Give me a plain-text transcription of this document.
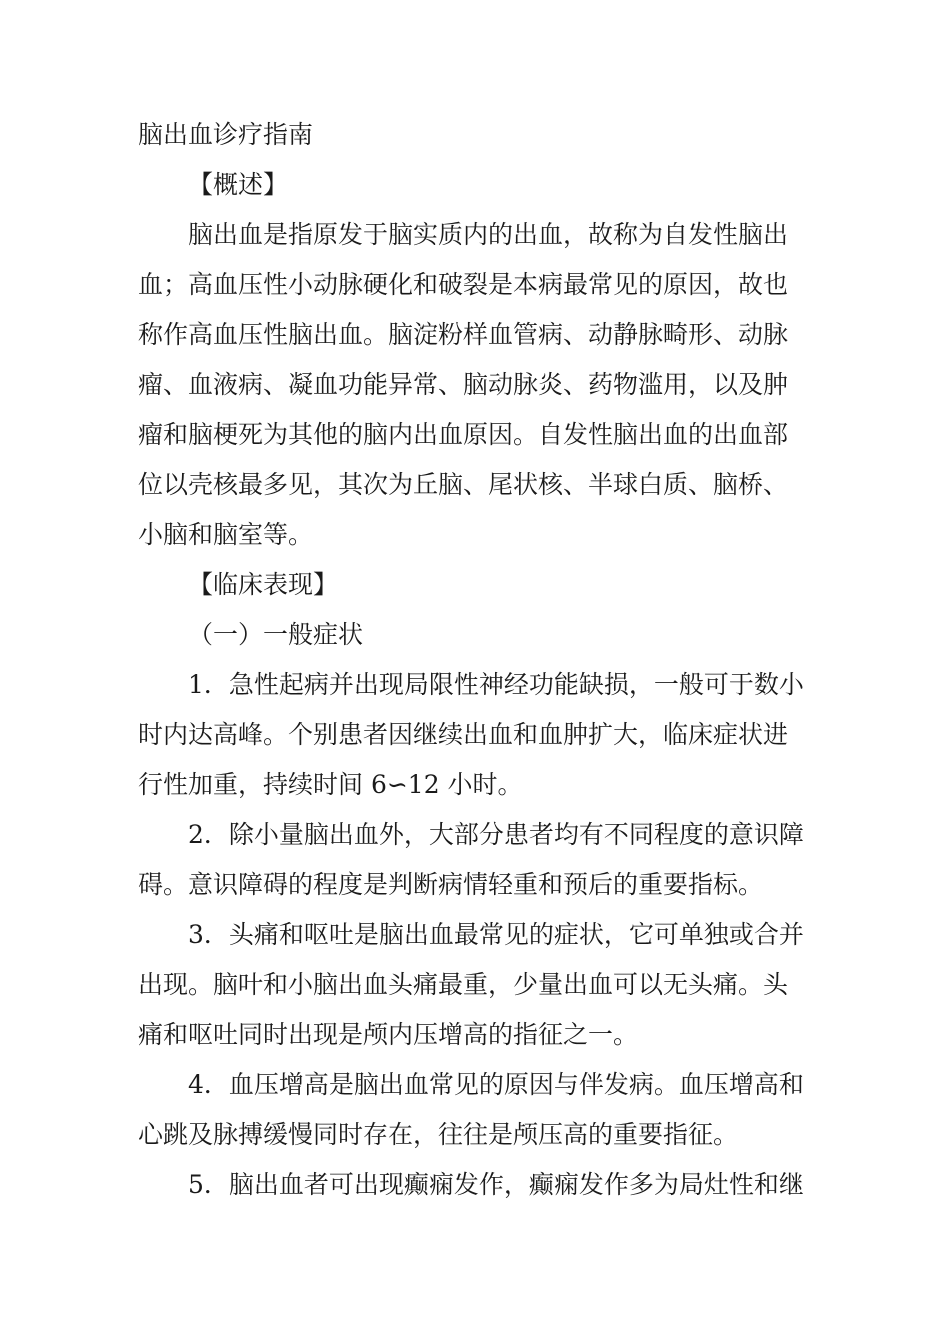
脑出血诊疗指南
【概述】
脑出血是指原发于脑实质内的出血，故称为自发性脑出
血；高血压性小动脉硬化和破裂是本病最常见的原因，故也
称作高血压性脑出血。脑淀粉样血管病、动静脉畸形、动脉
瘤、血液病、凝血功能异常、脑动脉炎、药物滥用，以及肿
瘤和脑梗死为其他的脑内出血原因。自发性脑出血的出血部
位以壳核最多见，其次为丘脑、尾状核、半球白质、脑桥、
小脑和脑室等。
【临床表现】
（一）一般症状
1．急性起病并出现局限性神经功能缺损，一般可于数小
时内达高峰。个别患者因继续出血和血肿扩大，临床症状进
行性加重，持续时间 6∽12 小时。
2．除小量脑出血外，大部分患者均有不同程度的意识障
碍。意识障碍的程度是判断病情轻重和预后的重要指标。
3．头痛和呕吐是脑出血最常见的症状，它可单独或合并
出现。脑叶和小脑出血头痛最重，少量出血可以无头痛。头
痛和呕吐同时出现是颅内压增高的指征之一。
4．血压增高是脑出血常见的原因与伴发病。血压增高和
心跳及脉搏缓慢同时存在，往往是颅压高的重要指征。
5．脑出血者可出现癫痫发作，癫痫发作多为局灶性和继
